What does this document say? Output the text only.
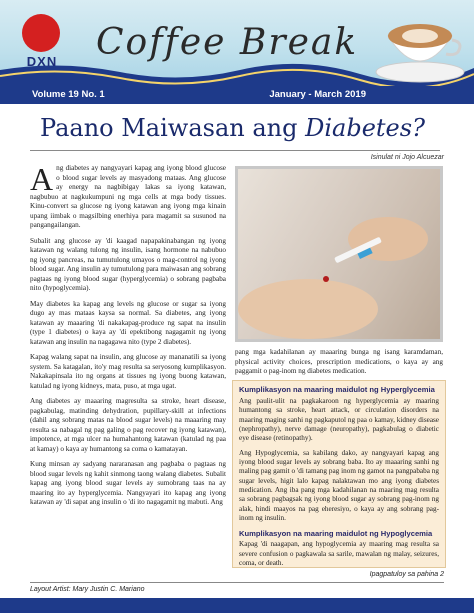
DXN	Coffee Break
Volume 19 No. 1	January - March 2019
Paano Maiwasan ang Diabetes?
Isinulat ni Jojo Alcuezar

Ang diabetes ay nangyayari kapag ang iyong blood glucose o blood sugar levels ay masyadong mataas. Ang glucose ay energy na nagbibigay lakas sa iyong katawan, nagbubuo at nagkukumpuni ng mga cells at mga body tissues. Kinu-convert sa glucose ng iyong katawan ang iyong mga kinain upang iimbak o magsilbing enerhiya para magamit sa susunod na pangangailangan.

Subalit ang glucose ay 'di kaagad napapakinabangan ng iyong katawan ng walang tulong ng insulin, isang hormone na nabubuo ng iyong pancreas, na tumutulong umayos o mag-control ng iyong blood sugar. Ang insulin ay tumutulong para maiwasan ang sobrang pagtaas ng iyong blood sugar (hyperglycemia) o sobrang pagbaba nito (hypoglycemia).

May diabetes ka kapag ang levels ng glucose or sugar sa iyong dugo ay mas mataas kaysa sa normal. Sa diabetes, ang iyong katawan ay maaaring 'di nakakapag-produce ng sapat na insulin (type 1 diabetes) o kaya ay 'di epektibong nagagamit ng iyong katawan ang insulin na nagagawa nito (type 2 diabetes).

Kapag walang sapat na insulin, ang glucose ay mananatili sa iyong system. Sa katagalan, ito'y mag resulta sa seryosong kumplikasyon. Nakakapinsala ito ng organs at tissues ng iyong buong katawan, katulad ng iyong kidneys, mata, puso, at mga ugat.

Ang diabetes ay maaaring magresulta sa stroke, heart disease, pagkabulag, matinding dehydration, pupillary-skill at infections (dahil ang sobrang matas na blood sugar levels) na maaaring may resulta sa nabagal ng pag galing o pag recover ng iyong katawan), impotence, at mga ulcer na humahantong katawan (katulad ng paa at kamay) o kaya ay humantong sa coma o kamatayan.

Kung minsan ay sadyang nararanasan ang pagbaba o pagtaas ng blood sugar levels ng kahit sinmong taong walang diabetes. Subalit kapag ang iyong blood sugar levels ay sumobrang taas na ay maaring ito ay hyperglycemia. Nangyayari ito kapag ang iyong katawan ay 'di sapat ang insulin o 'di ito nagagamit ng mabuti. Ang

pang mga kadahilanan ay maaaring bunga ng isang karamdaman, physical activity choices, prescription medications, o kaya ay ang paggamit o pag-inom ng diabetes medication.

Kumplikasyon na maaring maidulot ng Hyperglycemia

Ang paulit-ulit na pagkakaroon ng hyperglycemia ay maaring humantong sa stroke, heart attack, or circulation disorders na maaring maging sanhi ng pagkaputol ng paa o kamay, kidney disease (nephropathy), nerve damage (neuropathy), pagkabulag o diabetic eye disease (retinopathy).

Ang Hypoglycemia, sa kabilang dako, ay nangyayari kapag ang iyong blood sugar levels ay sobrang baba. Ito ay maaaring sanhi ng maling pag gamit o 'di tamang pag inom ng gamot na pangpababa ng sugar levels, higit lalo kapag nalaktawan mo ang iyong diabetes medication. Ang iba pang mga kadahilanan na maaring mag resulta sa sobrang pagbagsak ng iyong blood sugar ay sobrang pag-inom ng alak, hindi maayos na pag eheresiyo, o kaya ay ang sobrang pag-inom ng insulin.

Kumplikasyon na maaring maidulot ng Hypoglycemia

Kapag 'di naagapan, ang hypoglycemia ay maaring mag resulta sa severe confusion o pagkawala sa sarile, mawalan ng malay, seizures, coma, or death.

Ipagpatuloy sa pahina 2
Layout Artist: Mary Justin C. Mariano
